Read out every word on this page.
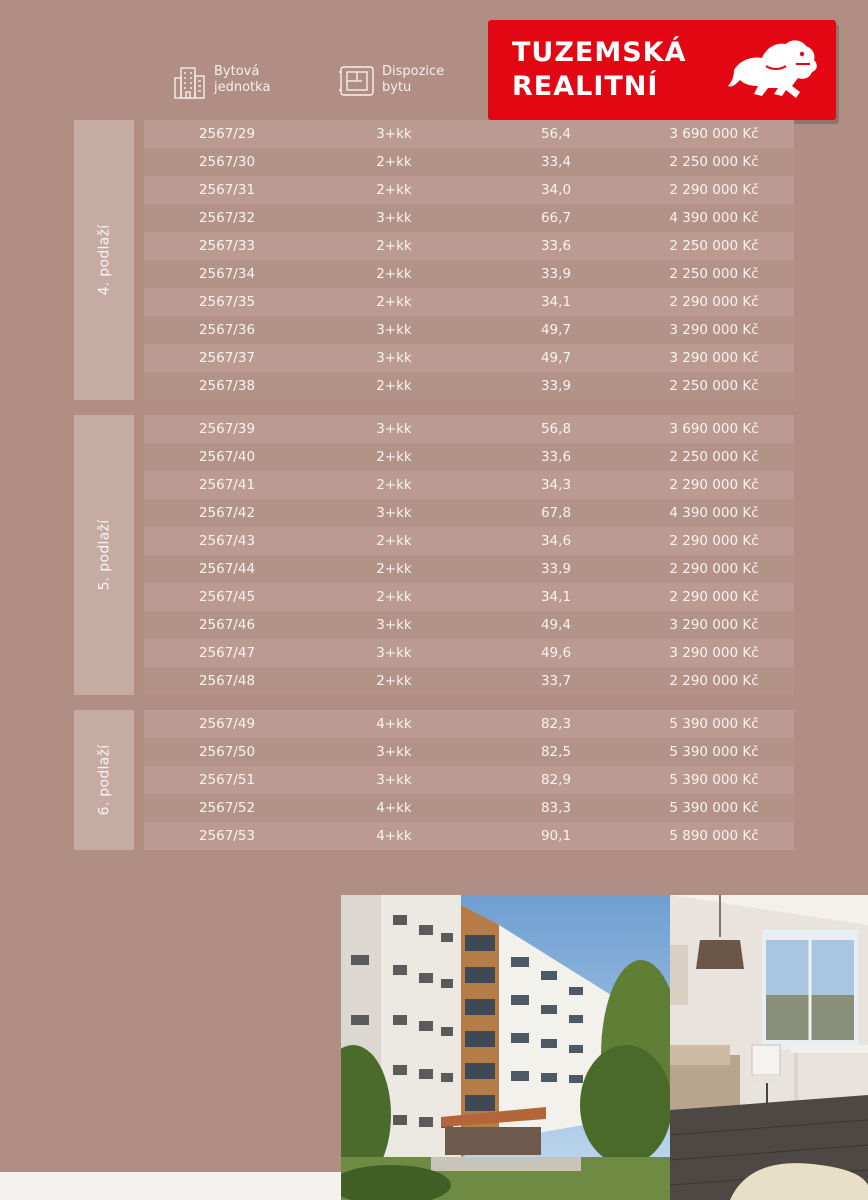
Bytová
jednotka
Dispozice
bytu
TUZEMSKÁ
REALITNÍ
4. podlaží
2567/29	3+kk	56,4	3 690 000 Kč
2567/30	2+kk	33,4	2 250 000 Kč
2567/31	2+kk	34,0	2 290 000 Kč
2567/32	3+kk	66,7	4 390 000 Kč
2567/33	2+kk	33,6	2 250 000 Kč
2567/34	2+kk	33,9	2 250 000 Kč
2567/35	2+kk	34,1	2 290 000 Kč
2567/36	3+kk	49,7	3 290 000 Kč
2567/37	3+kk	49,7	3 290 000 Kč
2567/38	2+kk	33,9	2 250 000 Kč
5. podlaží
2567/39	3+kk	56,8	3 690 000 Kč
2567/40	2+kk	33,6	2 250 000 Kč
2567/41	2+kk	34,3	2 290 000 Kč
2567/42	3+kk	67,8	4 390 000 Kč
2567/43	2+kk	34,6	2 290 000 Kč
2567/44	2+kk	33,9	2 290 000 Kč
2567/45	2+kk	34,1	2 290 000 Kč
2567/46	3+kk	49,4	3 290 000 Kč
2567/47	3+kk	49,6	3 290 000 Kč
2567/48	2+kk	33,7	2 290 000 Kč
6. podlaží
2567/49	4+kk	82,3	5 390 000 Kč
2567/50	3+kk	82,5	5 390 000 Kč
2567/51	3+kk	82,9	5 390 000 Kč
2567/52	4+kk	83,3	5 390 000 Kč
2567/53	4+kk	90,1	5 890 000 Kč
